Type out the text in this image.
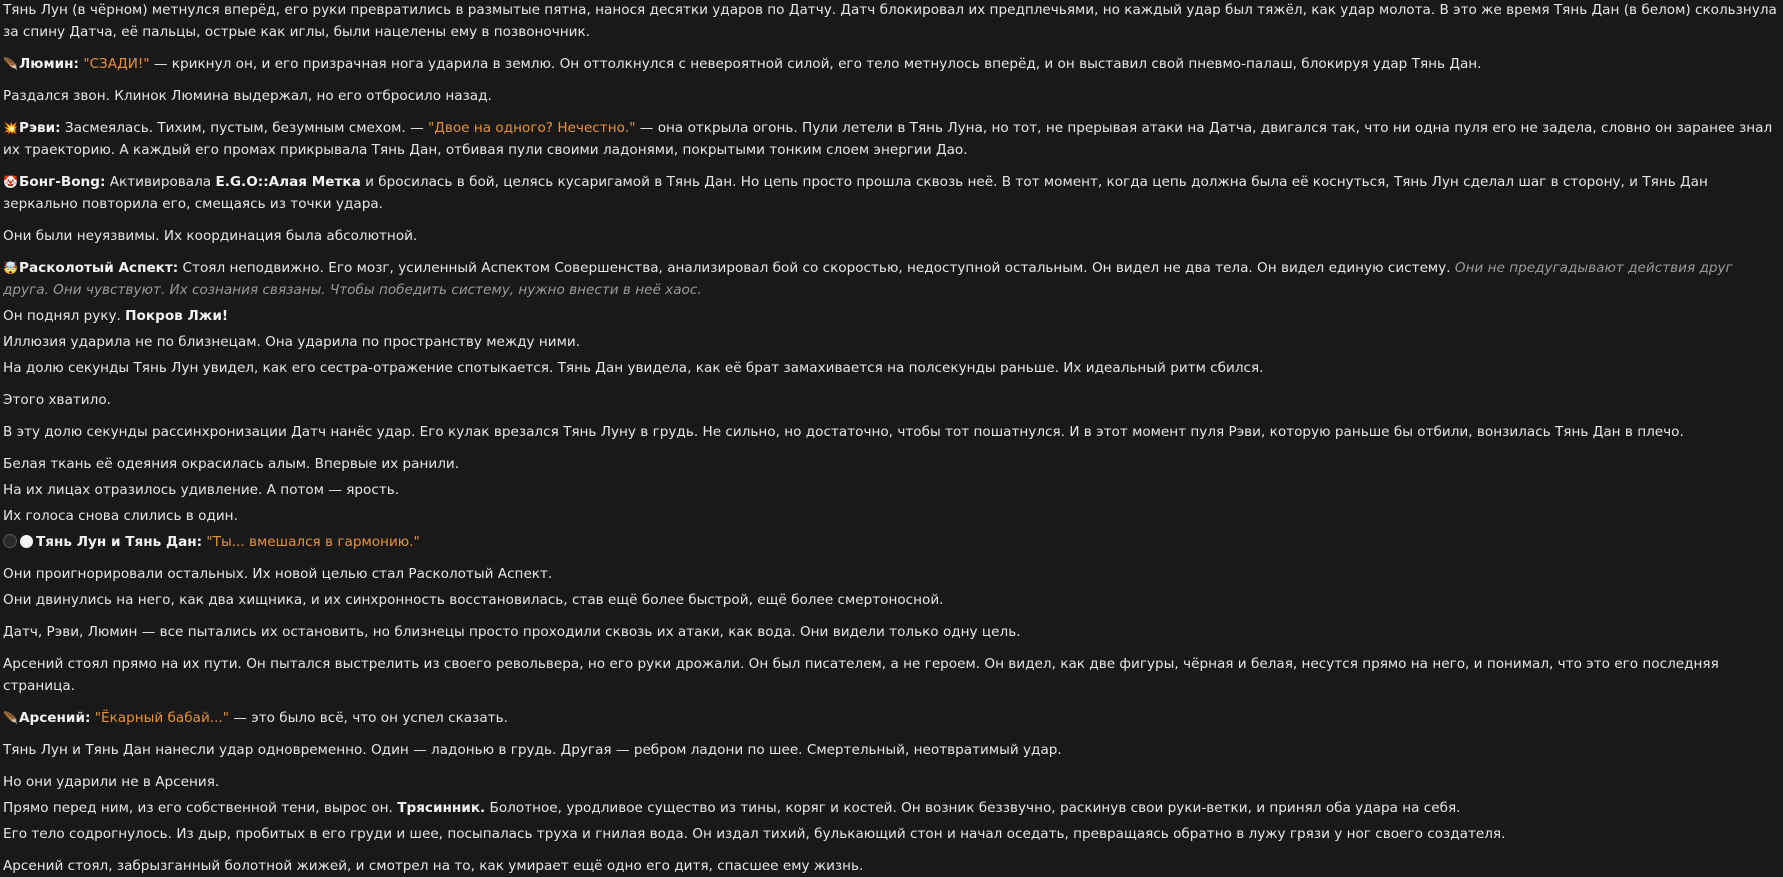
Тянь Лун (в чёрном) метнулся вперёд, его руки превратились в размытые пятна, нанося десятки ударов по Датчу. Датч блокировал их предплечьями, но каждый удар был тяжёл, как удар молота. В это же время Тянь Дан (в белом) скользнула за спину Датча, её пальцы, острые как иглы, были нацелены ему в позвоночник.

🪶Люмин: "СЗАДИ!" — крикнул он, и его призрачная нога ударила в землю. Он оттолкнулся с невероятной силой, его тело метнулось вперёд, и он выставил свой пневмо-палаш, блокируя удар Тянь Дан.

Раздался звон. Клинок Люмина выдержал, но его отбросило назад.

💥Рэви: Засмеялась. Тихим, пустым, безумным смехом. — "Двое на одного? Нечестно." — она открыла огонь. Пули летели в Тянь Луна, но тот, не прерывая атаки на Датча, двигался так, что ни одна пуля его не задела, словно он заранее знал их траекторию. А каждый его промах прикрывала Тянь Дан, отбивая пули своими ладонями, покрытыми тонким слоем энергии Дао.

🤡Бонг-Bong: Активировала E.G.O::Алая Метка и бросилась в бой, целясь кусаригамой в Тянь Дан. Но цепь просто прошла сквозь неё. В тот момент, когда цепь должна была её коснуться, Тянь Лун сделал шаг в сторону, и Тянь Дан зеркально повторила его, смещаясь из точки удара.

Они были неуязвимы. Их координация была абсолютной.

🤯Расколотый Аспект: Стоял неподвижно. Его мозг, усиленный Аспектом Совершенства, анализировал бой со скоростью, недоступной остальным. Он видел не два тела. Он видел единую систему. Они не предугадывают действия друг друга. Они чувствуют. Их сознания связаны. Чтобы победить систему, нужно внести в неё хаос.

Он поднял руку. Покров Лжи!

Иллюзия ударила не по близнецам. Она ударила по пространству между ними.

На долю секунды Тянь Лун увидел, как его сестра-отражение спотыкается. Тянь Дан увидела, как её брат замахивается на полсекунды раньше. Их идеальный ритм сбился.

Этого хватило.

В эту долю секунды рассинхронизации Датч нанёс удар. Его кулак врезался Тянь Луну в грудь. Не сильно, но достаточно, чтобы тот пошатнулся. И в этот момент пуля Рэви, которую раньше бы отбили, вонзилась Тянь Дан в плечо.

Белая ткань её одеяния окрасилась алым. Впервые их ранили.

На их лицах отразилось удивление. А потом — ярость.

Их голоса снова слились в один.

Тянь Лун и Тянь Дан: "Ты... вмешался в гармонию."

Они проигнорировали остальных. Их новой целью стал Расколотый Аспект.

Они двинулись на него, как два хищника, и их синхронность восстановилась, став ещё более быстрой, ещё более смертоносной.

Датч, Рэви, Люмин — все пытались их остановить, но близнецы просто проходили сквозь их атаки, как вода. Они видели только одну цель.

Арсений стоял прямо на их пути. Он пытался выстрелить из своего револьвера, но его руки дрожали. Он был писателем, а не героем. Он видел, как две фигуры, чёрная и белая, несутся прямо на него, и понимал, что это его последняя страница.

🪶Арсений: "Ёкарный бабай..." — это было всё, что он успел сказать.

Тянь Лун и Тянь Дан нанесли удар одновременно. Один — ладонью в грудь. Другая — ребром ладони по шее. Смертельный, неотвратимый удар.

Но они ударили не в Арсения.

Прямо перед ним, из его собственной тени, вырос он. Трясинник. Болотное, уродливое существо из тины, коряг и костей. Он возник беззвучно, раскинув свои руки-ветки, и принял оба удара на себя.

Его тело содрогнулось. Из дыр, пробитых в его груди и шее, посыпалась труха и гнилая вода. Он издал тихий, булькающий стон и начал оседать, превращаясь обратно в лужу грязи у ног своего создателя.

Арсений стоял, забрызганный болотной жижей, и смотрел на то, как умирает ещё одно его дитя, спасшее ему жизнь.
